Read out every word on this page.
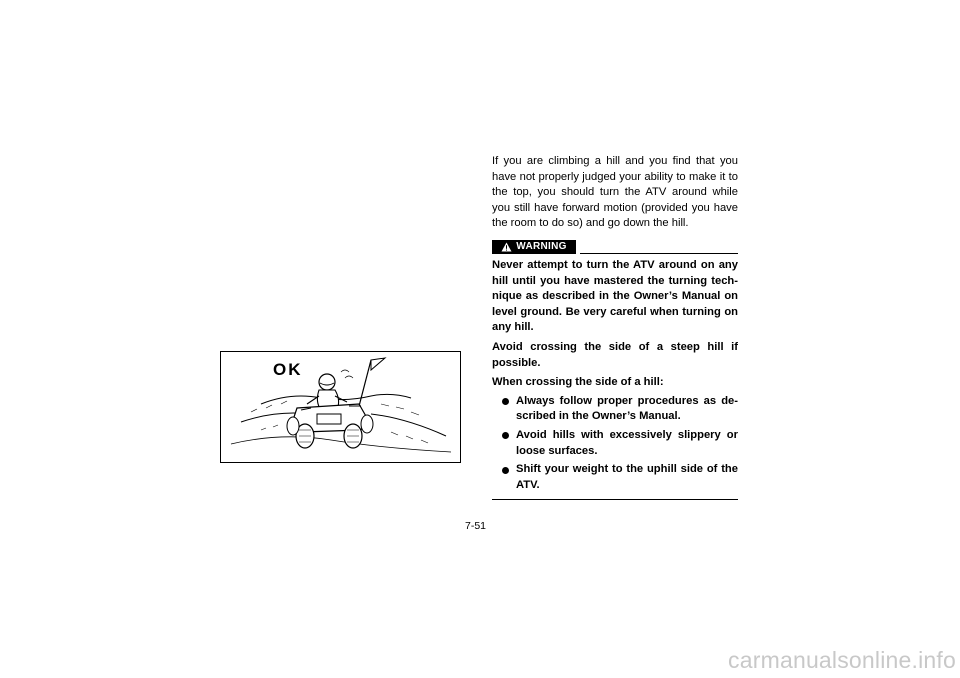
OK

If you are climbing a hill and you find that you have not properly judged your ability to make it to the top, you should turn the ATV around while you still have forward motion (provided you have the room to do so) and go down the hill.

WARNING

Never attempt to turn the ATV around on any hill until you have mastered the turning technique as described in the Owner’s Manual on level ground. Be very careful when turning on any hill.

Avoid crossing the side of a steep hill if possible.

When crossing the side of a hill:

Always follow proper procedures as described in the Owner’s Manual.
Avoid hills with excessively slippery or loose surfaces.
Shift your weight to the uphill side of the ATV.
7-51
carmanualsonline.info
